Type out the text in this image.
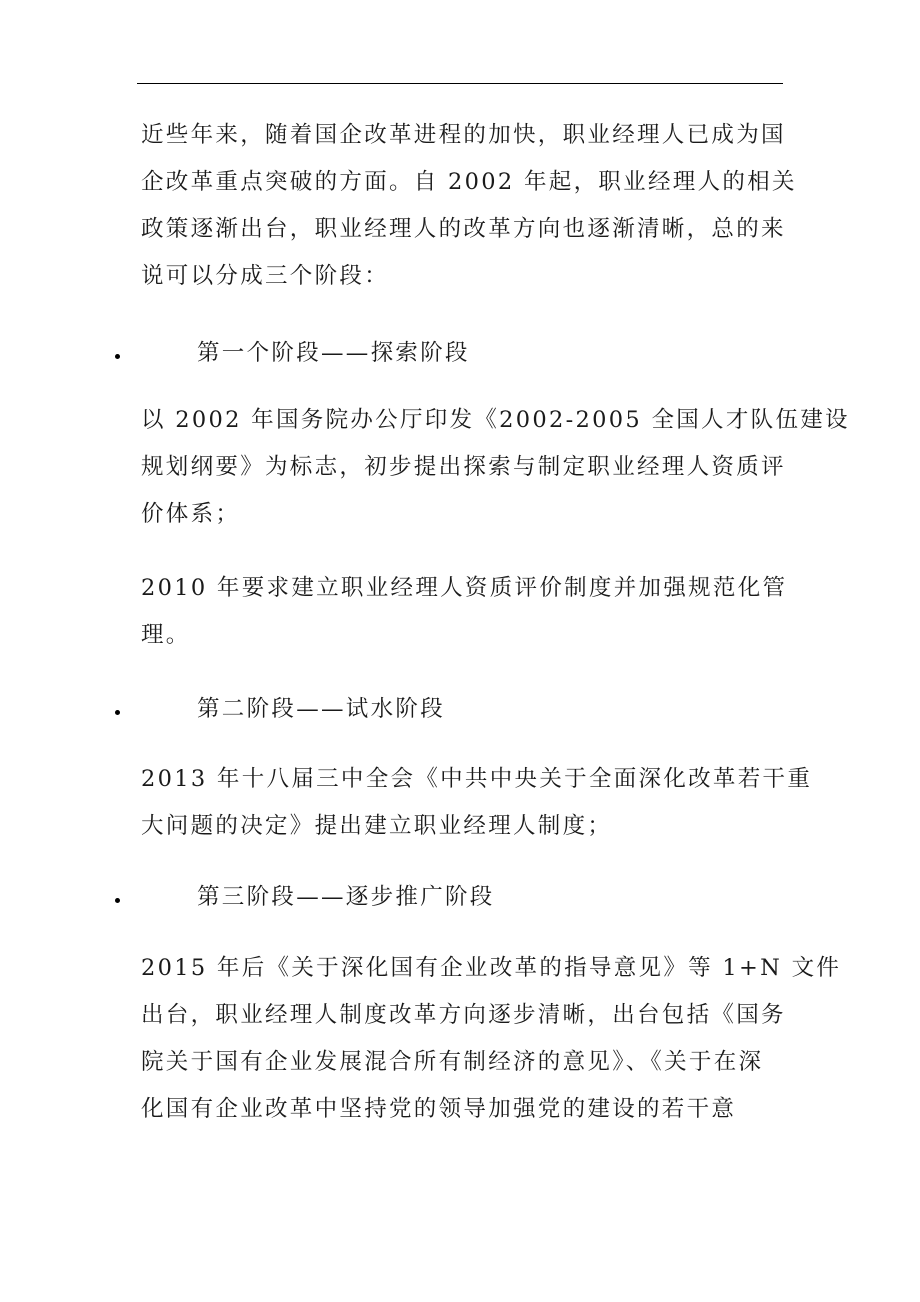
近些年来，随着国企改革进程的加快，职业经理人已成为国
企改革重点突破的方面。自 2002 年起，职业经理人的相关
政策逐渐出台，职业经理人的改革方向也逐渐清晰，总的来
说可以分成三个阶段：

第一个阶段——探索阶段

以 2002 年国务院办公厅印发《2002-2005 全国人才队伍建设
规划纲要》为标志，初步提出探索与制定职业经理人资质评
价体系；

2010 年要求建立职业经理人资质评价制度并加强规范化管
理。

第二阶段——试水阶段

2013 年十八届三中全会《中共中央关于全面深化改革若干重
大问题的决定》提出建立职业经理人制度；

第三阶段——逐步推广阶段

2015 年后《关于深化国有企业改革的指导意见》等 1+N 文件
出台，职业经理人制度改革方向逐步清晰，出台包括《国务
院关于国有企业发展混合所有制经济的意见》、《关于在深
化国有企业改革中坚持党的领导加强党的建设的若干意
